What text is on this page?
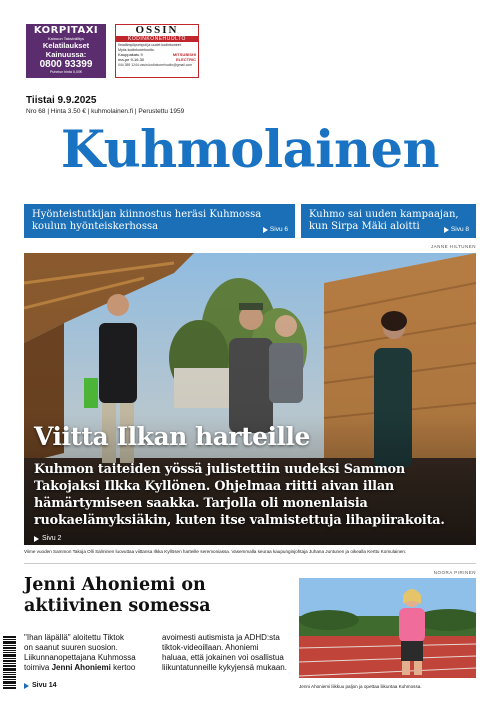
KORPITAXI
Kainuun Taksivälitys
Kelatilaukset
Kainuussa:
0800 93399
Puhelun hinta 0,00€
OSSIN
KODINKONEHUOLTO
Ilmalämpöpumput ja uudet kodinkoneet.
Myös kodinkonehuolto.
Kauppakatu 9
ma-pe 9-16.30
MITSUBISHI
ELECTRIC
044 389 1244 ossin.kodinkonehuolto@gmail.com
Tiistai 9.9.2025
Nro 68 | Hinta 3.50 € | kuhmolainen.fi | Perustettu 1959
Kuhmolainen
Hyönteistutkijan kiinnostus heräsi Kuhmossa
koulun hyönteiskerhossa	Sivu 6
Kuhmo sai uuden kampaajan,
kun Sirpa Mäki aloitti	Sivu 8
JANNE HILTUNEN
Viitta Ilkan harteille
Kuhmon taiteiden yössä julistettiin uudeksi Sammon Takojaksi Ilkka Kyllönen. Ohjelmaa riitti aivan illan hämärtymiseen saakka. Tarjolla oli monenlaisia ruokaelämyksiäkin, kuten itse valmistettuja lihapiirakoita.
Sivu 2
Viime vuoden Sammon Takoja Olli Salminen luovuttaa viittansa Ilkka Kyllösen harteille seremoniassa. Vasemmalla seuraa kaupunginjohtaja Juhana Juntunen ja oikealla Kerttu Komulainen.
Jenni Ahoniemi on
aktiivinen somessa
"Ihan läpällä" aloitettu Tiktok
on saanut suuren suosion.
Liikunnanopettajana Kuhmossa
toimiva Jenni Ahoniemi kertoo
avoimesti autismista ja ADHD:sta
tiktok-videoillaan. Ahoniemi
haluaa, että jokainen voi osallistua
liikuntatunneille kykyjensä mukaan.
Sivu 14
NOORA PIRINEN
Jenni Ahoniemi liikkuu paljon ja opettaa liikuntaa Kuhmossa.
